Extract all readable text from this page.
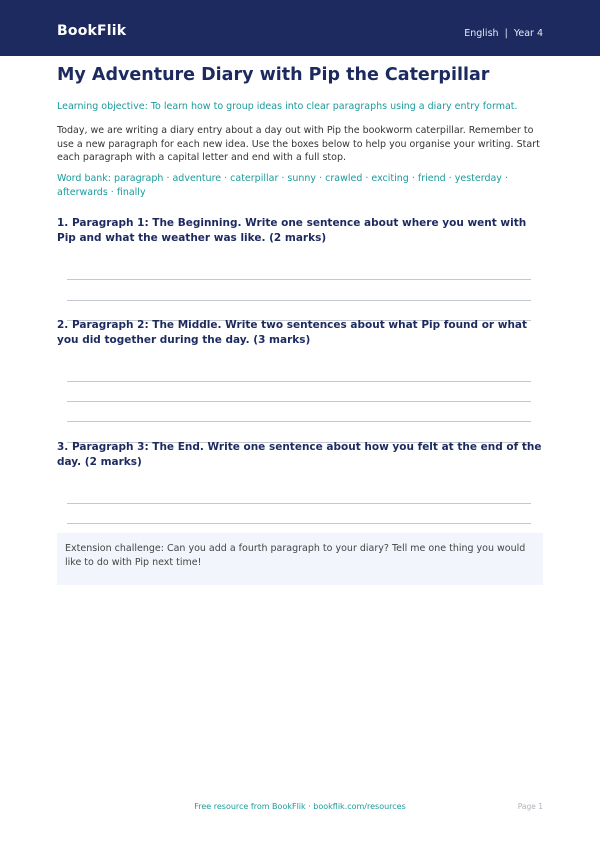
BookFlik	English  |  Year 4
My Adventure Diary with Pip the Caterpillar
Learning objective: To learn how to group ideas into clear paragraphs using a diary entry format.
Today, we are writing a diary entry about a day out with Pip the bookworm caterpillar. Remember to use a new paragraph for each new idea. Use the boxes below to help you organise your writing. Start each paragraph with a capital letter and end with a full stop.
Word bank: paragraph · adventure · caterpillar · sunny · crawled · exciting · friend · yesterday · afterwards · finally
1. Paragraph 1: The Beginning. Write one sentence about where you went with Pip and what the weather was like. (2 marks)
2. Paragraph 2: The Middle. Write two sentences about what Pip found or what you did together during the day. (3 marks)
3. Paragraph 3: The End. Write one sentence about how you felt at the end of the day. (2 marks)
Extension challenge: Can you add a fourth paragraph to your diary? Tell me one thing you would like to do with Pip next time!
Free resource from BookFlik · bookflik.com/resources	Page 1
